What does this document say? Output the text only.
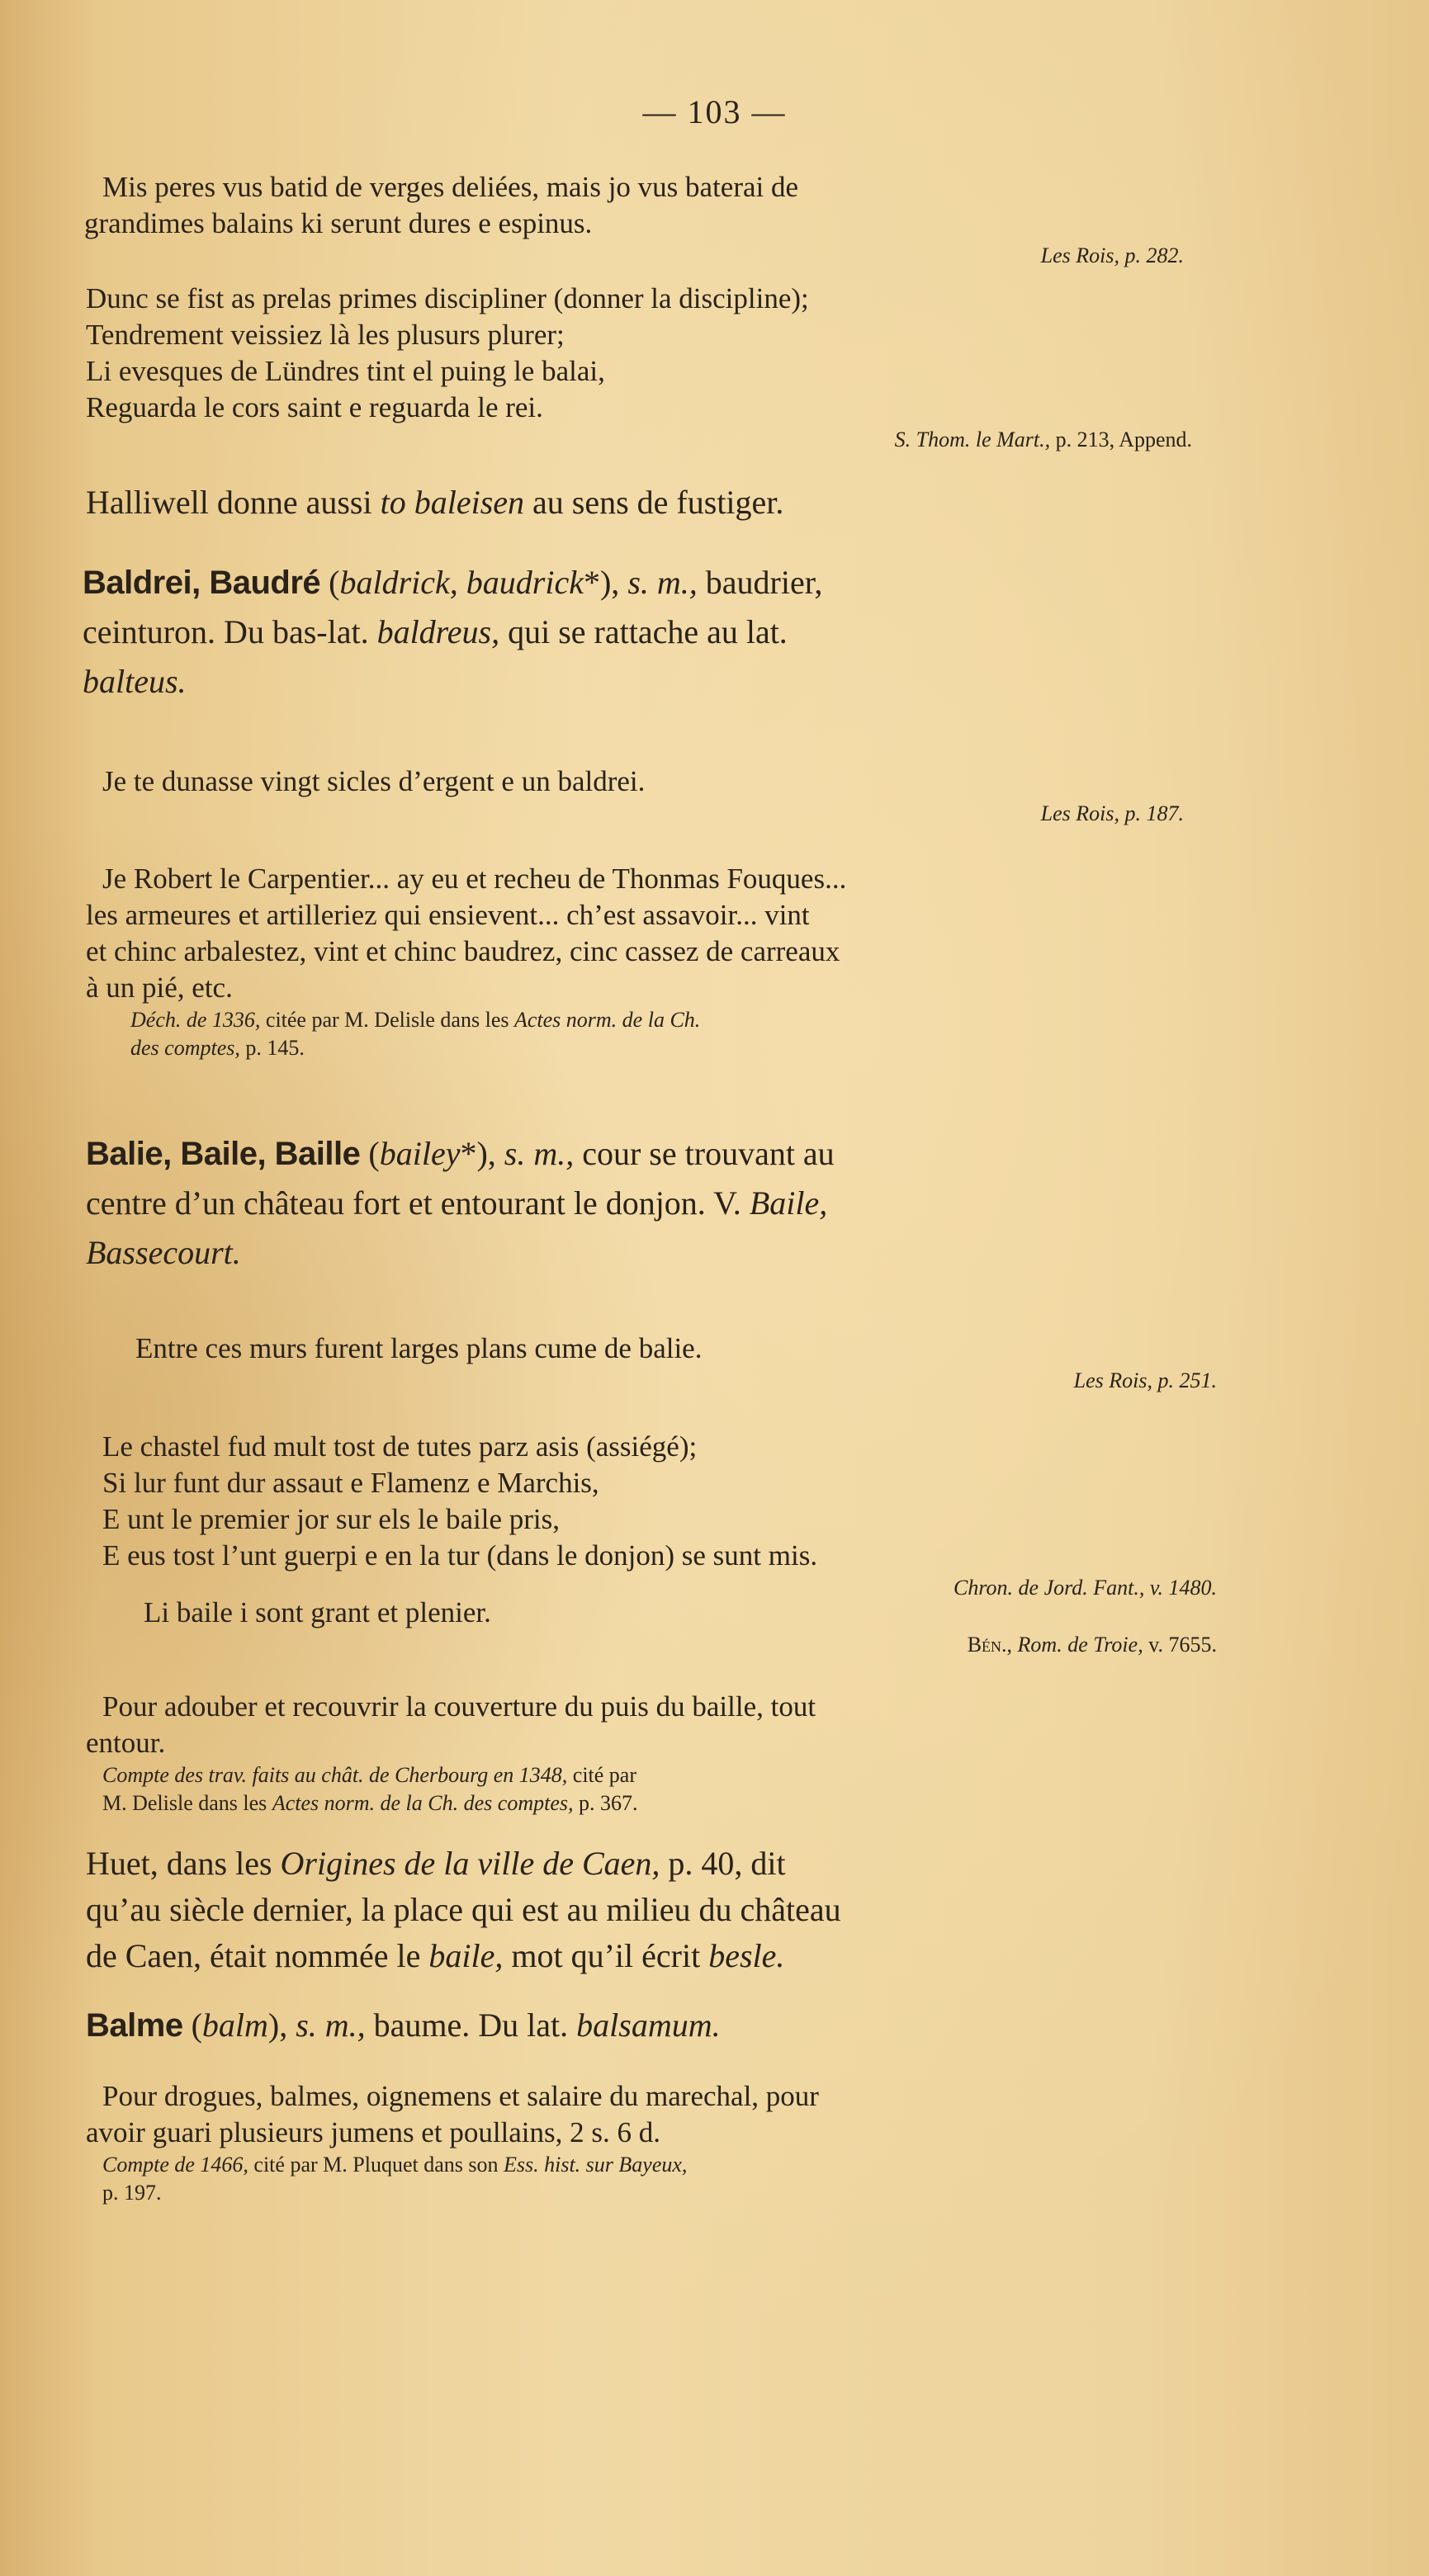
— 103 —

Mis peres vus batid de verges deliées, mais jo vus baterai de

grandimes balains ki serunt dures e espinus.

Les Rois, p. 282.

Dunc se fist as prelas primes discipliner (donner la discipline);

Tendrement veissiez là les plusurs plurer;

Li evesques de Lündres tint el puing le balai,

Reguarda le cors saint e reguarda le rei.

S. Thom. le Mart., p. 213, Append.

Halliwell donne aussi to baleisen au sens de fustiger.

Baldrei, Baudré (baldrick, baudrick*), s. m., baudrier,

ceinturon. Du bas-lat. baldreus, qui se rattache au lat.

balteus.

Je te dunasse vingt sicles d’ergent e un baldrei.

Les Rois, p. 187.

Je Robert le Carpentier... ay eu et recheu de Thonmas Fouques...

les armeures et artilleriez qui ensievent... ch’est assavoir... vint

et chinc arbalestez, vint et chinc baudrez, cinc cassez de carreaux

à un pié, etc.

Déch. de 1336, citée par M. Delisle dans les Actes norm. de la Ch.

des comptes, p. 145.

Balie, Baile, Baille (bailey*), s. m., cour se trouvant au

centre d’un château fort et entourant le donjon. V. Baile,

Bassecourt.

Entre ces murs furent larges plans cume de balie.

Les Rois, p. 251.

Le chastel fud mult tost de tutes parz asis (assiégé);

Si lur funt dur assaut e Flamenz e Marchis,

E unt le premier jor sur els le baile pris,

E eus tost l’unt guerpi e en la tur (dans le donjon) se sunt mis.

Chron. de Jord. Fant., v. 1480.

Li baile i sont grant et plenier.

Bén., Rom. de Troie, v. 7655.

Pour adouber et recouvrir la couverture du puis du baille, tout

entour.

Compte des trav. faits au chât. de Cherbourg en 1348, cité par

M. Delisle dans les Actes norm. de la Ch. des comptes, p. 367.

Huet, dans les Origines de la ville de Caen, p. 40, dit

qu’au siècle dernier, la place qui est au milieu du château

de Caen, était nommée le baile, mot qu’il écrit besle.

Balme (balm), s. m., baume. Du lat. balsamum.

Pour drogues, balmes, oignemens et salaire du marechal, pour

avoir guari plusieurs jumens et poullains, 2 s. 6 d.

Compte de 1466, cité par M. Pluquet dans son Ess. hist. sur Bayeux,

p. 197.
